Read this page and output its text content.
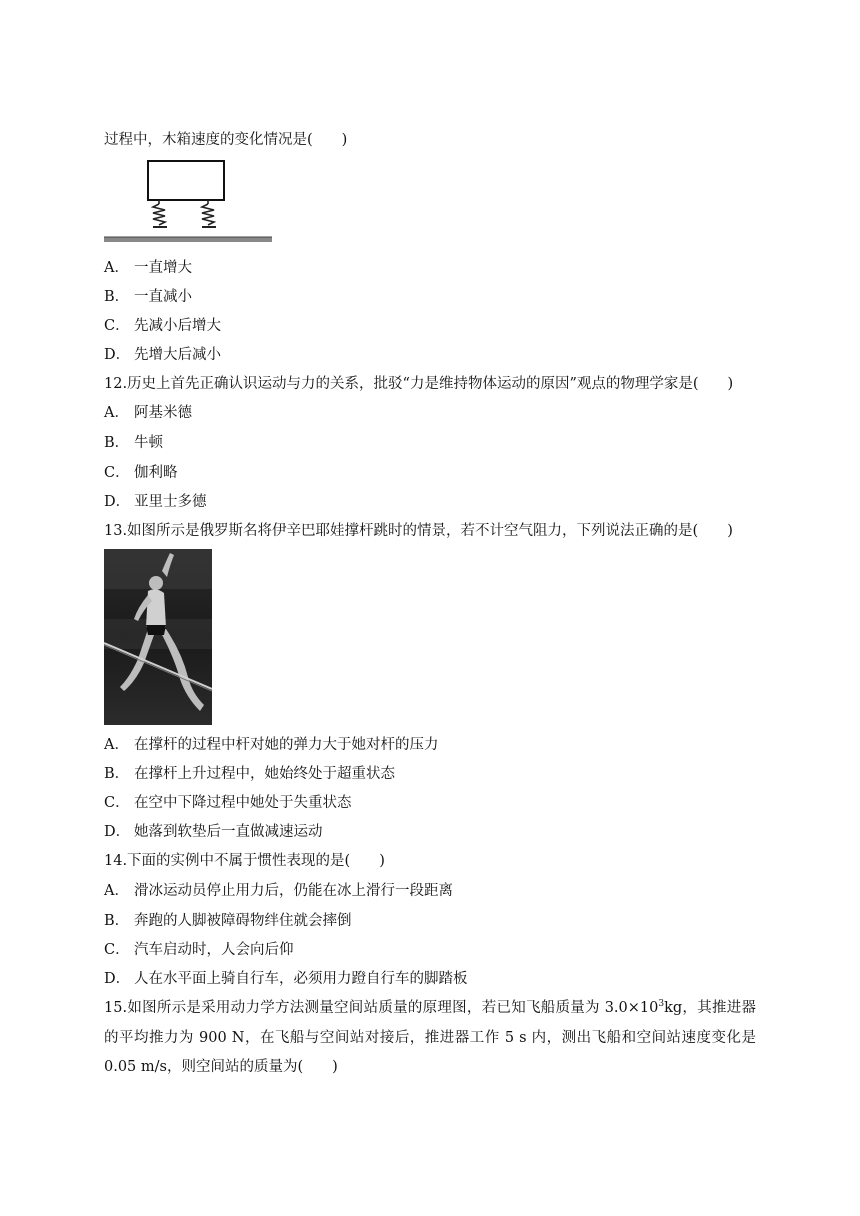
过程中，木箱速度的变化情况是(　　)
A． 一直增大
B． 一直减小
C． 先减小后增大
D． 先增大后减小
12.历史上首先正确认识运动与力的关系，批驳“力是维持物体运动的原因”观点的物理学家是(　　)
A． 阿基米德
B． 牛顿
C． 伽利略
D． 亚里士多德
13.如图所示是俄罗斯名将伊辛巴耶娃撑杆跳时的情景，若不计空气阻力，下列说法正确的是(　　)
A． 在撑杆的过程中杆对她的弹力大于她对杆的压力
B． 在撑杆上升过程中，她始终处于超重状态
C． 在空中下降过程中她处于失重状态
D． 她落到软垫后一直做减速运动
14.下面的实例中不属于惯性表现的是(　　)
A． 滑冰运动员停止用力后，仍能在冰上滑行一段距离
B． 奔跑的人脚被障碍物绊住就会摔倒
C． 汽车启动时，人会向后仰
D． 人在水平面上骑自行车，必须用力蹬自行车的脚踏板
15.如图所示是采用动力学方法测量空间站质量的原理图，若已知飞船质量为 $3.0\times 10^3kg$，其推进器的平均推力为 900 N，在飞船与空间站对接后，推进器工作 5 s 内，测出飞船和空间站速度变化是 0.05 m/s，则空间站的质量为(　　)
